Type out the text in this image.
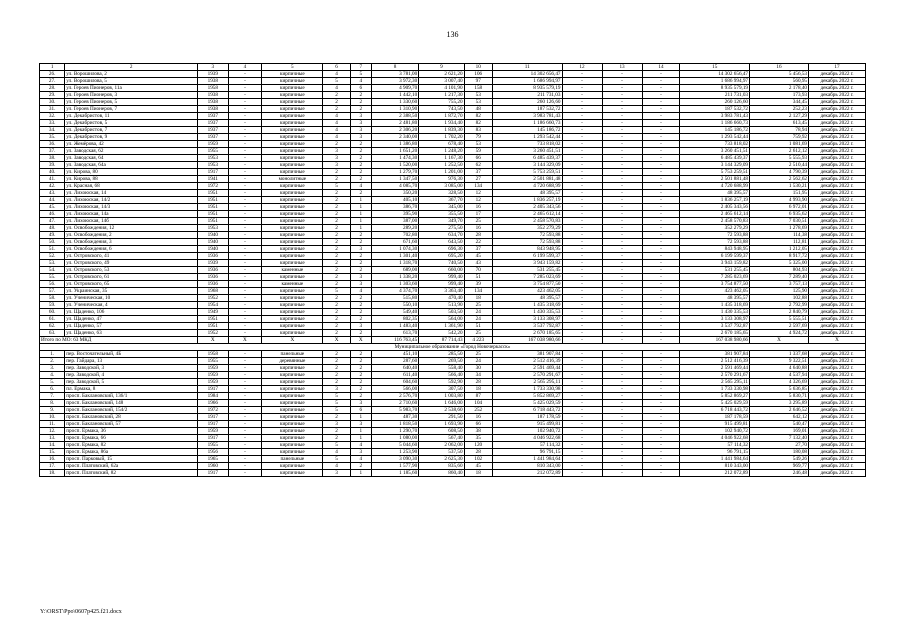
136
1	2	3	4	5	6	7	8	9	10	11	12	13	14	15	16	17
26.	ул. Ворошилова, 2	1939	-	кирпичные	4	5	3 781,00	2 621,20	106	14 302 656,47	-	-	-	14 302 656,47	5 456,53	декабрь 2022 г.
27.	ул. Ворошилова, 5	1938	-	кирпичные	5	4	3 972,30	3 007,40	97	1 686 994,97	-	-	-	1 686 994,97	560,95	декабрь 2022 г.
28.	ул. Героев Пионеров, 11а	1958	-	кирпичные	4	6	4 909,70	4 101,90	158	8 935 579,19	-	-	-	8 935 579,19	2 178,40	декабрь 2022 г.
29.	ул. Героев Пионеров, 3	1938	-	кирпичные	2	2	1 442,10	1 217,30	53	211 731,03	-	-	-	211 731,03	173,93	декабрь 2022 г.
30.	ул. Героев Пионеров, 5	1938	-	кирпичные	2	2	1 330,60	755,20	53	260 126,60	-	-	-	260 126,60	344,45	декабрь 2022 г.
31.	ул. Героев Пионеров, 7	1938	-	кирпичные	2	2	1 310,90	743,50	48	187 532,72	-	-	-	187 532,72	252,23	декабрь 2022 г.
32.	ул. Декабристов, 11	1937	-	кирпичные	4	3	2 388,50	1 872,70	82	3 983 781,43	-	-	-	3 983 781,43	2 127,29	декабрь 2022 г.
33.	ул. Декабристов, 5	1937	-	кирпичные	4	3	2 481,80	1 934,40	82	1 186 660,73	-	-	-	1 186 660,73	613,45	декабрь 2022 г.
34.	ул. Декабристов, 7	1937	-	кирпичные	4	3	2 306,20	1 839,30	83	145 186,72	-	-	-	145 186,72	78,94	декабрь 2022 г.
35.	ул. Декабристов, 9	1937	-	кирпичные	4	3	2 340,00	1 702,20	79	1 293 542,44	-	-	-	1 293 542,44	759,92	декабрь 2022 г.
36.	ул. Жемёрова, 42	1959	-	кирпичные	2	2	1 386,80	678,40	53	733 818,02	-	-	-	733 818,02	1 081,69	декабрь 2022 г.
37.	ул. Заводская, 62	1955	-	кирпичные	3	2	1 651,20	1 248,20	59	3 260 451,51	-	-	-	3 260 451,51	2 612,12	декабрь 2022 г.
38.	ул. Заводская, 64	1953	-	кирпичные	3	2	1 474,30	1 167,30	66	6 485 439,37	-	-	-	6 485 439,37	5 555,93	декабрь 2022 г.
39.	ул. Заводская, 64а	1953	-	кирпичные	3	2	1 520,00	1 252,50	62	3 144 329,09	-	-	-	3 144 329,09	2 510,44	декабрь 2022 г.
40.	ул. Кирова, 80	1917	-	кирпичные	2	2	1 279,70	1 201,00	37	5 753 259,51	-	-	-	5 753 259,51	4 790,39	декабрь 2022 г.
41.	ул. Кирова, 88	1941	-	монолитные	2	2	1 347,50	976,30	27	2 501 881,48	-	-	-	2 501 881,48	2 562,62	декабрь 2022 г.
42.	ул. Красная, 68	1972	-	кирпичные	5	4	4 085,70	3 085,00	134	4 720 688,99	-	-	-	4 720 688,99	1 530,21	декабрь 2022 г.
43.	ул. Лихоюская, 14	1951	-	кирпичные	2	2	350,20	328,50	12	48 395,57	-	-	-	48 395,57	151,95	декабрь 2022 г.
44.	ул. Лихоюская, 14/2	1951	-	кирпичные	2	1	405,10	367,70	12	1 836 257,19	-	-	-	1 836 257,19	4 993,90	декабрь 2022 г.
45.	ул. Лихоюская, 14/3	1951	-	кирпичные	2	1	386,70	345,00	16	2 405 343,56	-	-	-	2 405 343,56	6 972,01	декабрь 2022 г.
46.	ул. Лихоюская, 14а	1951	-	кирпичные	2	1	395,90	355,50	17	2 465 612,14	-	-	-	2 465 612,14	6 935,62	декабрь 2022 г.
47.	ул. Лихоюская, 14б	1951	-	кирпичные	2	1	387,00	349,70	25	2 458 570,83	-	-	-	2 458 570,83	7 030,51	декабрь 2022 г.
48.	ул. Освобождения, 12	1953	-	кирпичные	2	1	289,20	275,50	16	352 279,29	-	-	-	352 279,29	1 278,69	декабрь 2022 г.
49.	ул. Освобождения, 2	1940	-	кирпичные	2	2	702,80	634,70	28	72 593,88	-	-	-	72 593,88	114,38	декабрь 2022 г.
50.	ул. Освобождения, 3	1940	-	кирпичные	2	2	671,60	643,50	22	72 593,88	-	-	-	72 593,88	112,81	декабрь 2022 г.
51.	ул. Освобождения, 6	1940	-	кирпичные	2	3	1 074,30	696,30	37	843 948,95	-	-	-	843 948,95	1 212,05	декабрь 2022 г.
52.	ул. Островского, 41	1936	-	кирпичные	2	2	1 301,40	695,20	45	6 199 599,37	-	-	-	6 199 599,37	8 917,72	декабрь 2022 г.
53.	ул. Островского, 49	1939	-	кирпичные	2	2	1 318,70	740,50	43	3 943 159,82	-	-	-	3 943 159,82	5 325,00	декабрь 2022 г.
54.	ул. Островского, 53	1936	-	каменные	2	2	689,00	660,00	70	531 255,45	-	-	-	531 255,45	804,93	декабрь 2022 г.
55.	ул. Островского, 61	1936	-	кирпичные	2	3	1 338,20	999,40	51	7 285 023,69	-	-	-	7 285 023,69	7 289,40	декабрь 2022 г.
56.	ул. Островского, 65	1936	-	каменные	2	3	1 303,60	999,40	39	3 754 877,50	-	-	-	3 754 877,50	3 757,13	декабрь 2022 г.
57.	ул. Украинская, 35	1968	-	кирпичные	5	4	4 374,70	3 363,40	134	423 462,05	-	-	-	423 462,05	125,90	декабрь 2022 г.
58.	ул. Ученическая, 10	1952	-	кирпичные	2	2	515,80	470,40	18	48 395,57	-	-	-	48 395,57	102,88	декабрь 2022 г.
59.	ул. Ученическая, 4	1954	-	кирпичные	2	2	550,10	513,90	25	1 435 318,69	-	-	-	1 435 318,69	2 792,99	декабрь 2022 г.
60.	ул. Щаденко, 106	1949	-	кирпичные	2	2	549,40	503,50	24	1 430 335,53	-	-	-	1 430 335,53	2 840,79	декабрь 2022 г.
61.	ул. Щаденко, 47	1951	-	кирпичные	2	2	802,35	564,00	24	3 133 308,97	-	-	-	3 133 308,97	5 555,51	декабрь 2022 г.
62.	ул. Щаденко, 57	1951	-	кирпичные	2	3	1 483,40	1 361,90	51	3 537 792,87	-	-	-	3 537 792,87	2 597,69	декабрь 2022 г.
63.	ул. Щаденко, 63	1952	-	кирпичные	2	2	613,70	542,20	25	2 670 185,65	-	-	-	2 670 185,65	4 924,72	декабрь 2022 г.
Итого по МО: 63 МКД		X	X	X	X	X	116 763,45	87 714,43	4 223	167 038 980,66	-	-	-	167 038 980,66	X	X
Муниципальное образование «Город Новочеркасск»																
1.	пер. Восточательный, 4Б	1958	-	панельные	2	2	451,10	285,50	25	381 907,84	-	-	-	381 907,84	1 337,68	декабрь 2022 г.
2.	пер. Гайдара, 13	1955	-	деревянные	2	2	287,60	269,50	24	2 512 416,39	-	-	-	2 512 416,39	9 322,51	декабрь 2022 г.
3.	пер. Заводской, 3	1959	-	кирпичные	2	2	640,40	558,40	30	2 591 469,44	-	-	-	2 591 469,44	4 640,88	декабрь 2022 г.
4.	пер. Заводской, 4	1959	-	кирпичные	2	2	611,40	566,40	34	2 570 291,67	-	-	-	2 570 291,67	4 537,94	декабрь 2022 г.
5.	пер. Заводской, 5	1959	-	кирпичные	2	2	604,60	592,90	28	2 565 295,11	-	-	-	2 565 295,11	4 326,69	декабрь 2022 г.
6.	пл. Ермака, 8	1917	-	кирпичные	3	2	566,00	307,50	18	1 733 330,98	-	-	-	1 733 330,98	5 636,85	декабрь 2022 г.
7.	просп. Баклановский, 136/1	1984	-	кирпичные	5	2	2 576,70	1 003,80	87	5 852 869,27	-	-	-	5 852 869,27	5 830,71	декабрь 2022 г.
8.	просп. Баклановский, 148	1966	-	кирпичные	5	3	2 710,60	1 646,00	104	5 425 029,59	-	-	-	5 425 029,59	3 295,89	декабрь 2022 г.
9.	просп. Баклановский, 154/2	1972	-	кирпичные	5	6	5 983,70	2 538,60	252	6 718 443,72	-	-	-	6 718 443,72	2 646,52	декабрь 2022 г.
10.	просп. Баклановский, 28	1917	-	кирпичные	2	1	487,30	291,50	16	187 178,59	-	-	-	187 178,59	642,12	декабрь 2022 г.
11.	просп. Баклановский, 57	1917	-	кирпичные	3	3	1 818,50	1 693,90	66	915 499,81	-	-	-	915 499,81	540,47	декабрь 2022 г.
12.	просп. Ермака, 36	1959	-	кирпичные	2	1	1 290,70	608,50	38	102 940,72	-	-	-	102 940,72	169,01	декабрь 2022 г.
13.	просп. Ермака, 66	1917	-	кирпичные	2	1	1 080,00	567,40	35	4 046 922,68	-	-	-	4 046 922,68	7 132,40	декабрь 2022 г.
14.	просп. Ермака, 82	1955	-	кирпичные	5	4	5 044,60	2 062,00	120	57 114,32	-	-	-	57 114,32	27,70	декабрь 2022 г.
15.	просп. Ермака, 86а	1956	-	кирпичные	4	3	1 253,90	537,50	28	96 791,15	-	-	-	96 791,15	180,08	декабрь 2022 г.
16.	просп. Парковый, 15	1965	-	панельные	5	4	3 090,30	2 625,30	102	1 441 984,64	-	-	-	1 441 984,64	549,26	декабрь 2022 г.
17.	просп. Платовский, 62а	1960	-	кирпичные	4	2	1 577,90	835,60	45	810 343,00	-	-	-	810 343,00	969,77	декабрь 2022 г.
18.	просп. Платовский, 82	1917	-	кирпичные	3	1	1 185,60	860,40	18	212 072,89	-	-	-	212 072,89	246,48	декабрь 2022 г.
Y:\ORST\Ppo\0607p425.f21.docx
